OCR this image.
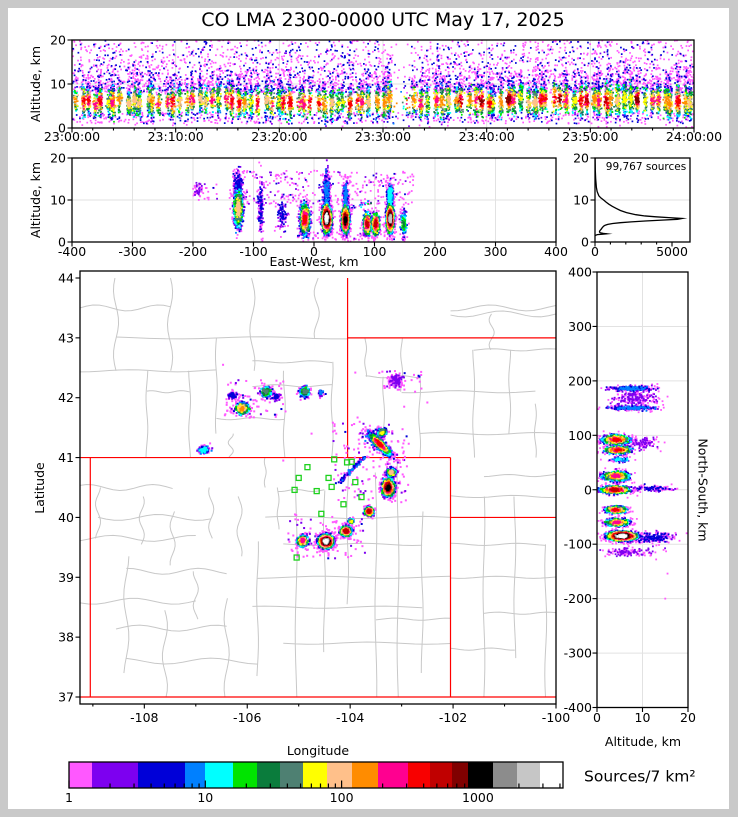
CO LMA 2300-0000 UTC May 17, 2025
Altitude, km
Altitude, km
East-West, km
99,767 sources
Latitude
Longitude
North-South, km
Altitude, km
Sources/7 km²
